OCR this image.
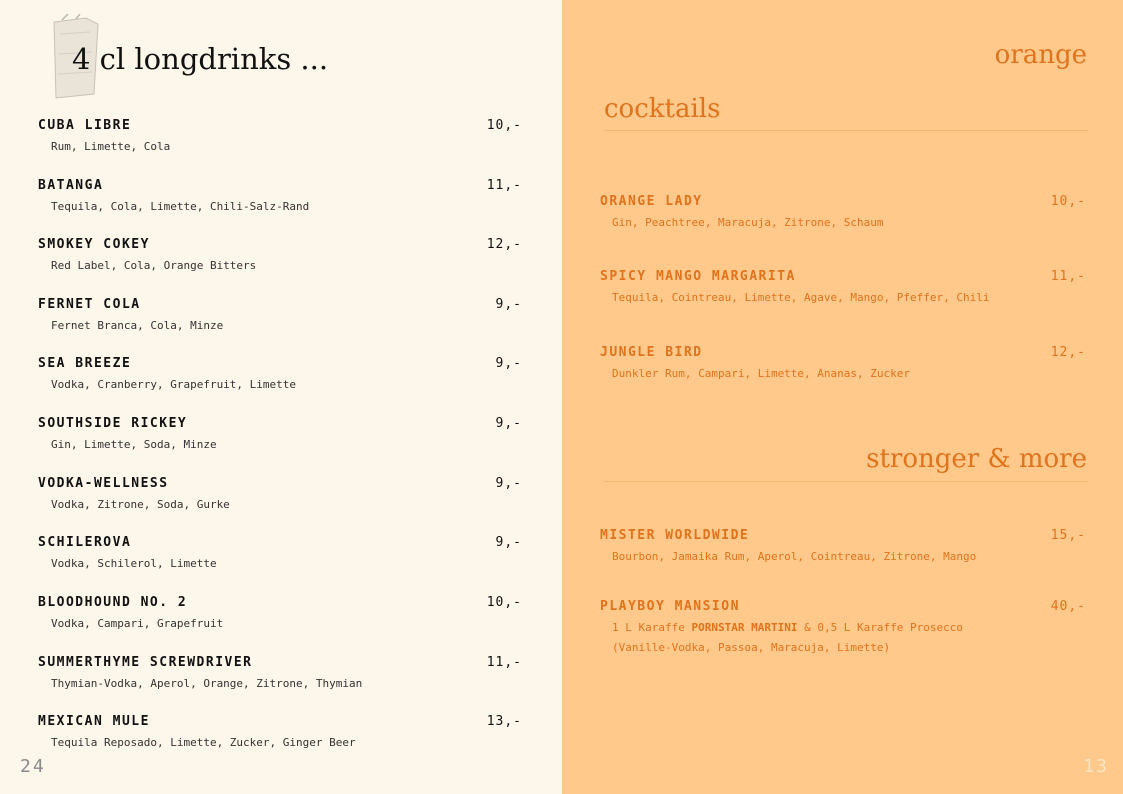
4 cl longdrinks ...
CUBA LIBRE	10,-
Rum, Limette, Cola
BATANGA	11,-
Tequila, Cola, Limette, Chili-Salz-Rand
SMOKEY COKEY	12,-
Red Label, Cola, Orange Bitters
FERNET COLA	9,-
Fernet Branca, Cola, Minze
SEA BREEZE	9,-
Vodka, Cranberry, Grapefruit, Limette
SOUTHSIDE RICKEY	9,-
Gin, Limette, Soda, Minze
VODKA-WELLNESS	9,-
Vodka, Zitrone, Soda, Gurke
SCHILEROVA	9,-
Vodka, Schilerol, Limette
BLOODHOUND NO. 2	10,-
Vodka, Campari, Grapefruit
SUMMERTHYME SCREWDRIVER	11,-
Thymian-Vodka, Aperol, Orange, Zitrone, Thymian
MEXICAN MULE	13,-
Tequila Reposado, Limette, Zucker, Ginger Beer
24
orange
cocktails
ORANGE LADY	10,-
Gin, Peachtree, Maracuja, Zitrone, Schaum
SPICY MANGO MARGARITA	11,-
Tequila, Cointreau, Limette, Agave, Mango, Pfeffer, Chili
JUNGLE BIRD	12,-
Dunkler Rum, Campari, Limette, Ananas, Zucker
stronger & more
MISTER WORLDWIDE	15,-
Bourbon, Jamaika Rum, Aperol, Cointreau, Zitrone, Mango
PLAYBOY MANSION	40,-
1 L Karaffe PORNSTAR MARTINI & 0,5 L Karaffe Prosecco
(Vanille-Vodka, Passoa, Maracuja, Limette)
13
